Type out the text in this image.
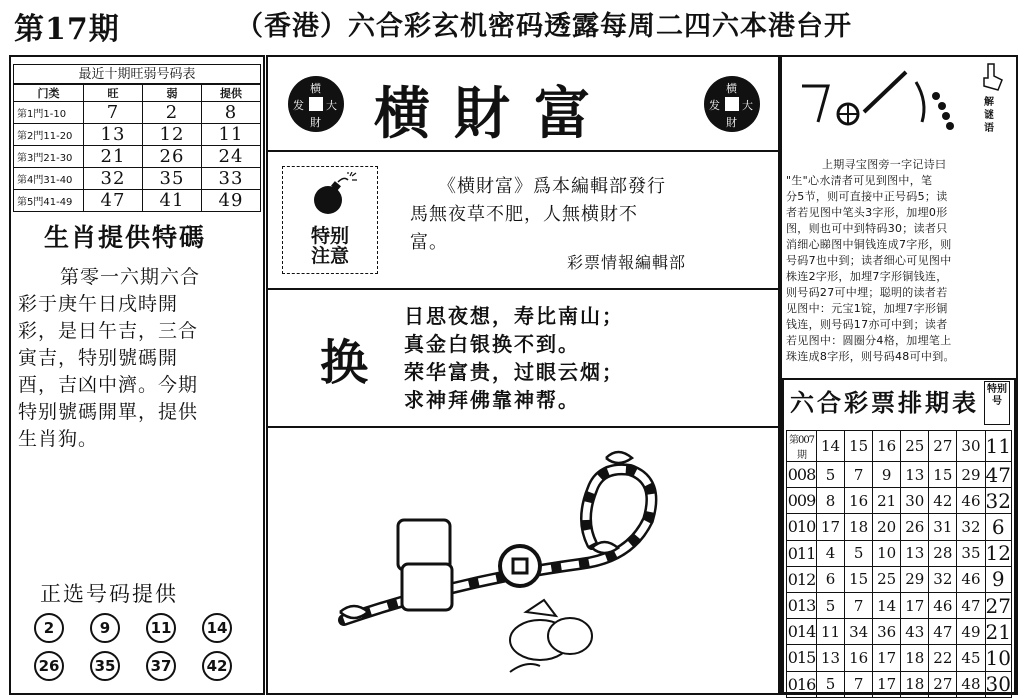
第17期	（香港）六合彩玄机密码透露每周二四六本港台开
最近十期旺弱号码表
门类	旺	弱	提供
第1門1-10	7	2	8
第2門11-20	13	12	11
第3門21-30	21	26	24
第4門31-40	32	35	33
第5門41-49	47	41	49
生肖提供特碼
第零一六期六合
彩于庚午日戌時開
彩，是日午吉，三合
寅吉，特别號碼開
酉，吉凶中濟。今期
特别號碼開單，提供
生肖狗。
正选号码提供
2	9	11	14
26	35	37	42
横
大
財
发 横財富	横
大
財
发
特别
注意
《横財富》爲本編輯部發行
馬無夜草不肥，人無横財不
富。
彩票情報編輯部
换
日思夜想，寿比南山；
真金白银换不到。
荣华富贵，过眼云烟；
求神拜佛靠神帮。
解谜语
上期寻宝图旁一字记诗曰
"生"心水清者可见到图中，笔
分5节，则可直接中正号码5；读
者若见图中笔头3字形，加埋0形
图，则也可中到特码30；读者只
消细心睇图中铜钱连成7字形，则
号码7也中到；读者细心可见图中
株连2字形，加埋7字形铜钱连，
则号码27可中埋；聪明的读者若
见图中：元宝1锭，加埋7字形铜
钱连，则号码17亦可中到；读者
若见图中：圆圈分4格，加埋笔上
珠连成8字形，则号码48可中到。
六合彩票排期表 特别号
第007期	14	15	16	25	27	30	11
008	5	7	9	13	15	29	47
009	8	16	21	30	42	46	32
010	17	18	20	26	31	32	6
011	4	5	10	13	28	35	12
012	6	15	25	29	32	46	9
013	5	7	14	17	46	47	27
014	11	34	36	43	47	49	21
015	13	16	17	18	22	45	10
016	5	7	17	18	27	48	30
